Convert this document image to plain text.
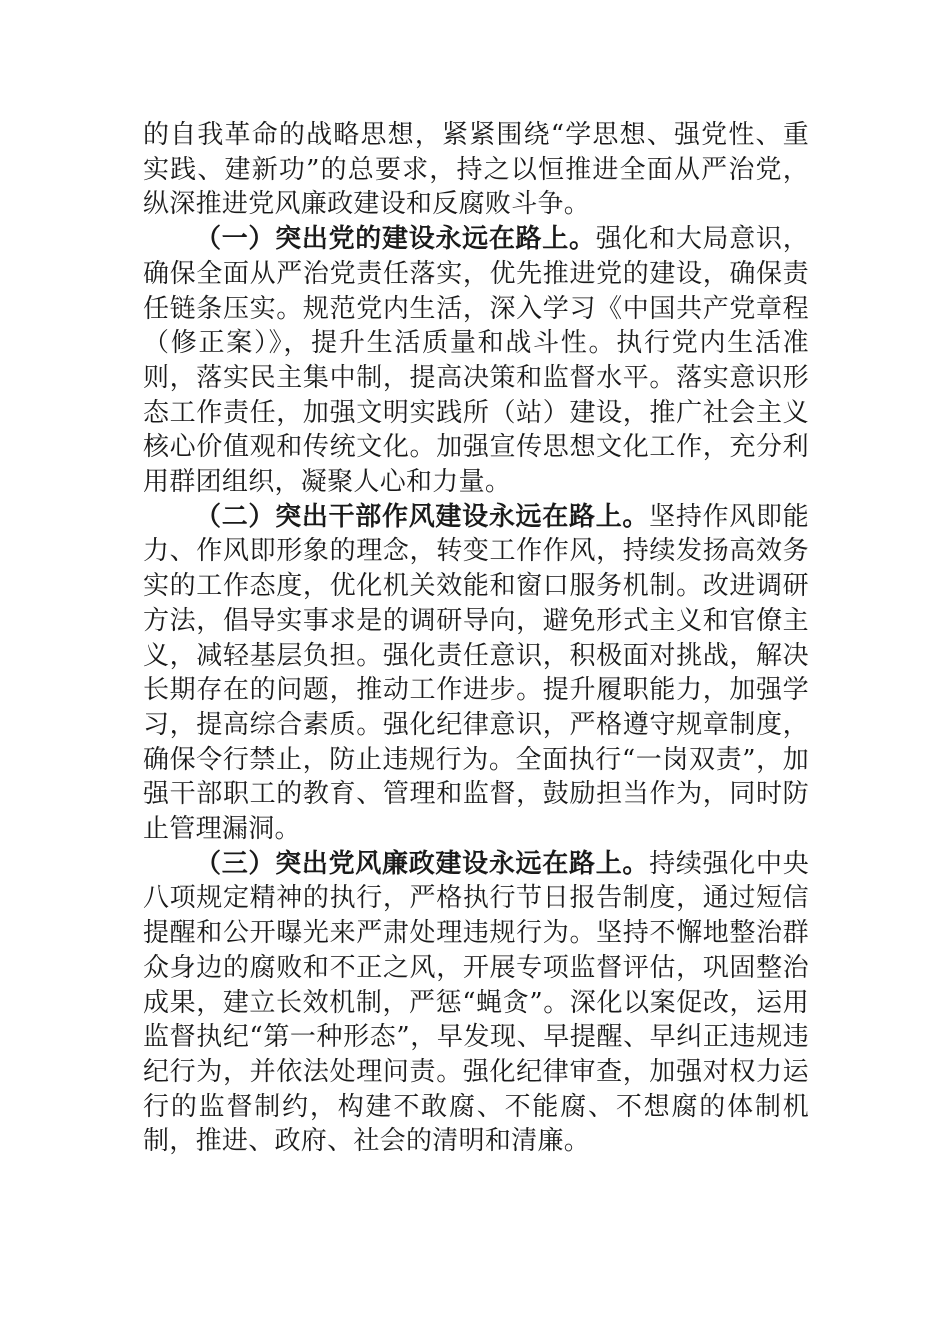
的自我革命的战略思想，紧紧围绕“学思想、强党性、重实践、建新功”的总要求，持之以恒推进全面从严治党，纵深推进党风廉政建设和反腐败斗争。

（一）突出党的建设永远在路上。强化和大局意识，确保全面从严治党责任落实，优先推进党的建设，确保责任链条压实。规范党内生活，深入学习《中国共产党章程（修正案）》，提升生活质量和战斗性。执行党内生活准则，落实民主集中制，提高决策和监督水平。落实意识形态工作责任，加强文明实践所（站）建设，推广社会主义核心价值观和传统文化。加强宣传思想文化工作，充分利用群团组织，凝聚人心和力量。

（二）突出干部作风建设永远在路上。坚持作风即能力、作风即形象的理念，转变工作作风，持续发扬高效务实的工作态度，优化机关效能和窗口服务机制。改进调研方法，倡导实事求是的调研导向，避免形式主义和官僚主义，减轻基层负担。强化责任意识，积极面对挑战，解决长期存在的问题，推动工作进步。提升履职能力，加强学习，提高综合素质。强化纪律意识，严格遵守规章制度，确保令行禁止，防止违规行为。全面执行“一岗双责”，加强干部职工的教育、管理和监督，鼓励担当作为，同时防止管理漏洞。

（三）突出党风廉政建设永远在路上。持续强化中央八项规定精神的执行，严格执行节日报告制度，通过短信提醒和公开曝光来严肃处理违规行为。坚持不懈地整治群众身边的腐败和不正之风，开展专项监督评估，巩固整治成果，建立长效机制，严惩“蝇贪”。深化以案促改，运用监督执纪“第一种形态”，早发现、早提醒、早纠正违规违纪行为，并依法处理问责。强化纪律审查，加强对权力运行的监督制约，构建不敢腐、不能腐、不想腐的体制机制，推进、政府、社会的清明和清廉。
